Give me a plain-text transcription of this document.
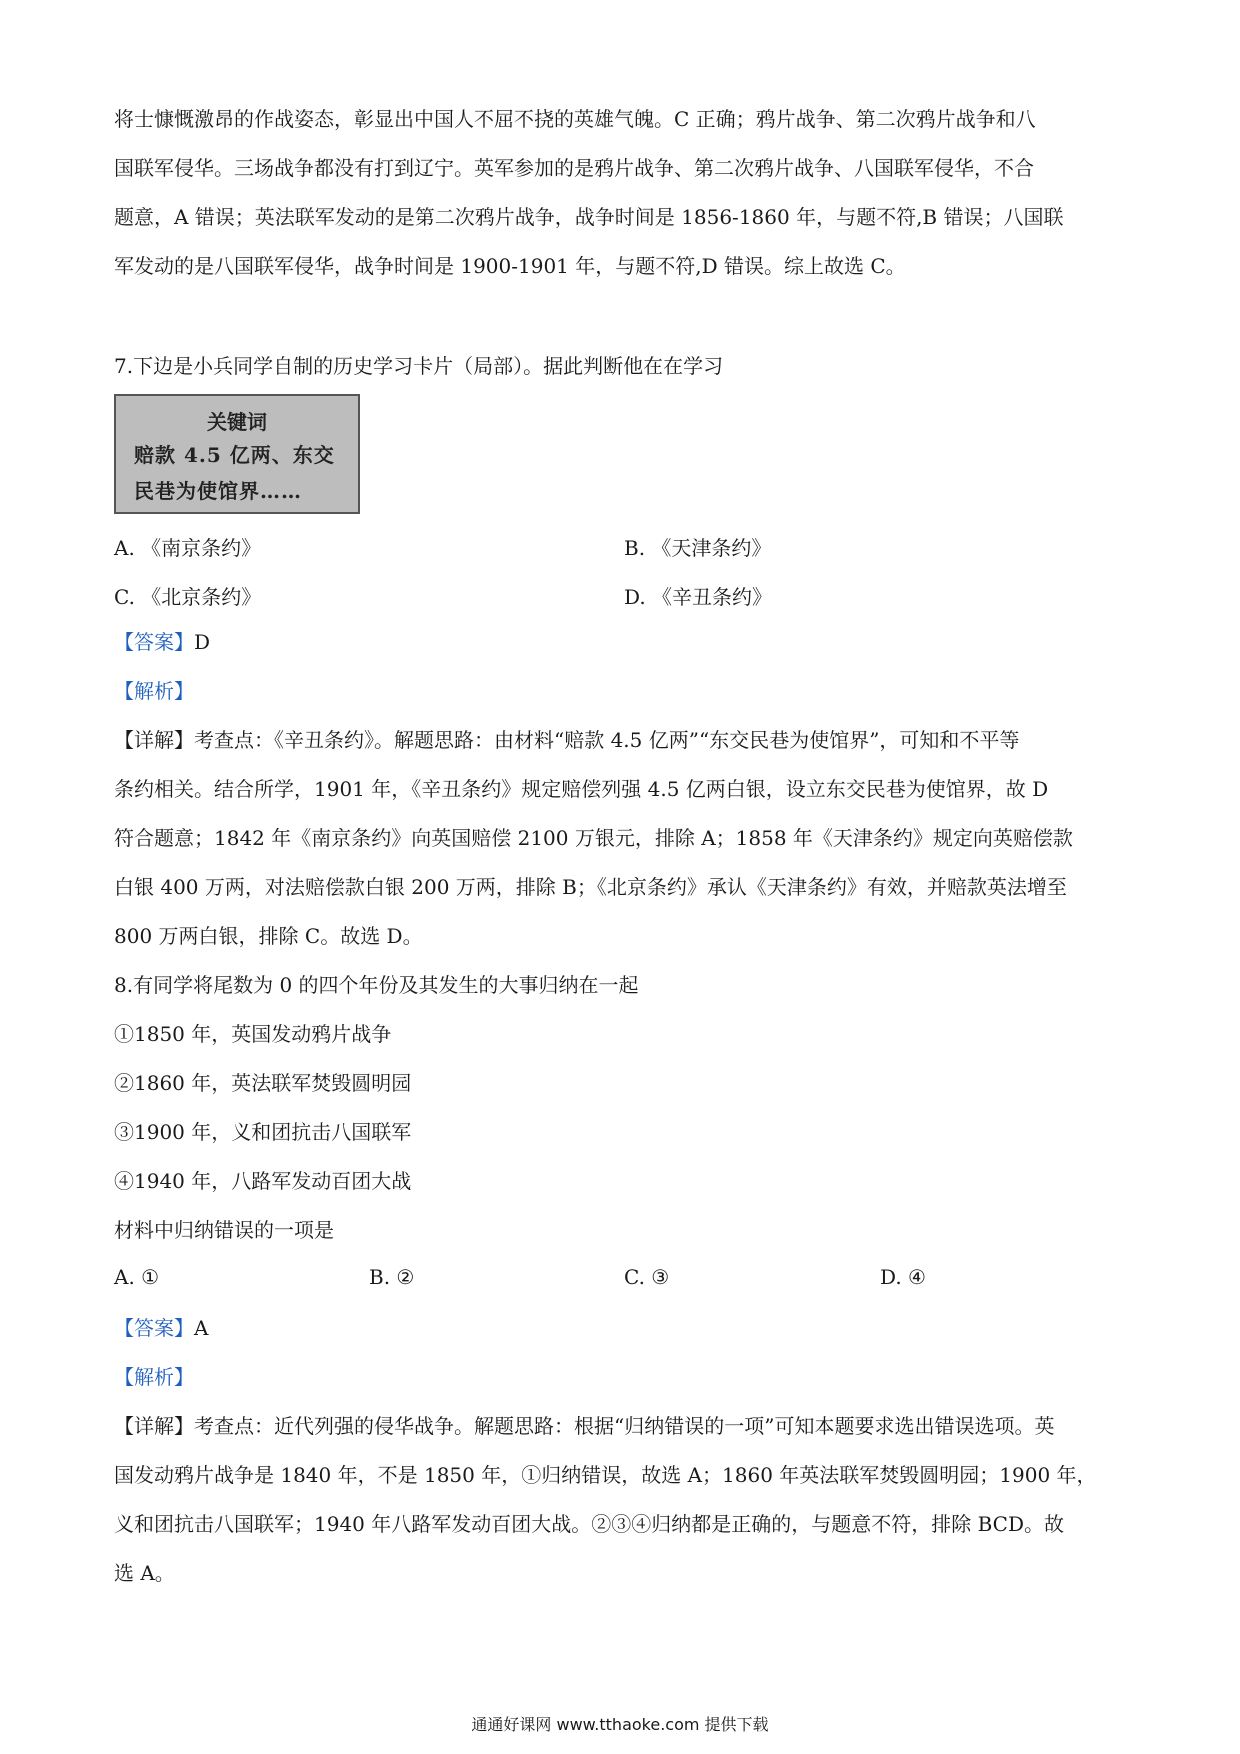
将士慷慨激昂的作战姿态，彰显出中国人不屈不挠的英雄气魄。C 正确；鸦片战争、第二次鸦片战争和八
国联军侵华。三场战争都没有打到辽宁。英军参加的是鸦片战争、第二次鸦片战争、八国联军侵华，不合
题意，A 错误；英法联军发动的是第二次鸦片战争，战争时间是 1856-1860 年，与题不符,B 错误；八国联
军发动的是八国联军侵华，战争时间是 1900-1901 年，与题不符,D 错误。综上故选 C。
7.下边是小兵同学自制的历史学习卡片（局部）。据此判断他在在学习
关键词
赔款 4.5 亿两、东交
民巷为使馆界……
A. 《南京条约》	B. 《天津条约》
C. 《北京条约》	D. 《辛丑条约》
【答案】D
【解析】
【详解】考查点：《辛丑条约》。解题思路：由材料“赔款 4.5 亿两”“东交民巷为使馆界”，可知和不平等
条约相关。结合所学，1901 年，《辛丑条约》规定赔偿列强 4.5 亿两白银，设立东交民巷为使馆界，故 D
符合题意；1842 年《南京条约》向英国赔偿 2100 万银元，排除 A；1858 年《天津条约》规定向英赔偿款
白银 400 万两，对法赔偿款白银 200 万两，排除 B；《北京条约》承认《天津条约》有效，并赔款英法增至
800 万两白银，排除 C。故选 D。
8.有同学将尾数为 0 的四个年份及其发生的大事归纳在一起
①1850 年，英国发动鸦片战争
②1860 年，英法联军焚毁圆明园
③1900 年，义和团抗击八国联军
④1940 年，八路军发动百团大战
材料中归纳错误的一项是
A. ①	B. ②	C. ③	D. ④
【答案】A
【解析】
【详解】考查点：近代列强的侵华战争。解题思路：根据“归纳错误的一项”可知本题要求选出错误选项。英
国发动鸦片战争是 1840 年，不是 1850 年，①归纳错误，故选 A；1860 年英法联军焚毁圆明园；1900 年，
义和团抗击八国联军；1940 年八路军发动百团大战。②③④归纳都是正确的，与题意不符，排除 BCD。故
选 A。
通通好课网 www.tthaoke.com 提供下载
